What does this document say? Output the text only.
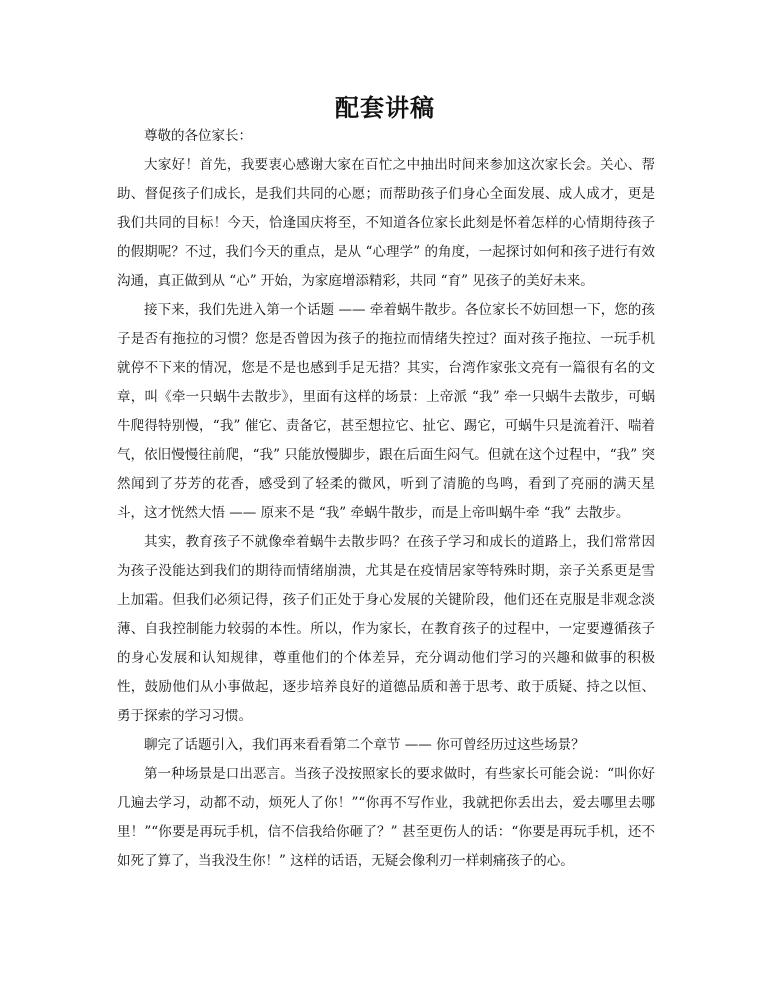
配套讲稿

尊敬的各位家长：

大家好！首先，我要衷心感谢大家在百忙之中抽出时间来参加这次家长会。关心、帮助、督促孩子们成长，是我们共同的心愿；而帮助孩子们身心全面发展、成人成才，更是我们共同的目标！今天，恰逢国庆将至，不知道各位家长此刻是怀着怎样的心情期待孩子的假期呢？不过，我们今天的重点，是从 “心理学” 的角度，一起探讨如何和孩子进行有效沟通，真正做到从 “心” 开始，为家庭增添精彩，共同 “育” 见孩子的美好未来。

接下来，我们先进入第一个话题 —— 牵着蜗牛散步。各位家长不妨回想一下，您的孩子是否有拖拉的习惯？您是否曾因为孩子的拖拉而情绪失控过？面对孩子拖拉、一玩手机就停不下来的情况，您是不是也感到手足无措？其实，台湾作家张文亮有一篇很有名的文章，叫《牵一只蜗牛去散步》，里面有这样的场景：上帝派 “我” 牵一只蜗牛去散步，可蜗牛爬得特别慢，“我” 催它、责备它，甚至想拉它、扯它、踢它，可蜗牛只是流着汗、喘着气，依旧慢慢往前爬，“我” 只能放慢脚步，跟在后面生闷气。但就在这个过程中，“我” 突然闻到了芬芳的花香，感受到了轻柔的微风，听到了清脆的鸟鸣，看到了亮丽的满天星斗，这才恍然大悟 —— 原来不是 “我” 牵蜗牛散步，而是上帝叫蜗牛牵 “我” 去散步。

其实，教育孩子不就像牵着蜗牛去散步吗？在孩子学习和成长的道路上，我们常常因为孩子没能达到我们的期待而情绪崩溃，尤其是在疫情居家等特殊时期，亲子关系更是雪上加霜。但我们必须记得，孩子们正处于身心发展的关键阶段，他们还在克服是非观念淡薄、自我控制能力较弱的本性。所以，作为家长，在教育孩子的过程中，一定要遵循孩子的身心发展和认知规律，尊重他们的个体差异，充分调动他们学习的兴趣和做事的积极性，鼓励他们从小事做起，逐步培养良好的道德品质和善于思考、敢于质疑、持之以恒、勇于探索的学习习惯。

聊完了话题引入，我们再来看看第二个章节 —— 你可曾经历过这些场景？

第一种场景是口出恶言。当孩子没按照家长的要求做时，有些家长可能会说：“叫你好几遍去学习，动都不动，烦死人了你！”“你再不写作业，我就把你丢出去，爱去哪里去哪里！”“你要是再玩手机，信不信我给你砸了？” 甚至更伤人的话：“你要是再玩手机，还不如死了算了，当我没生你！” 这样的话语，无疑会像利刃一样刺痛孩子的心。
